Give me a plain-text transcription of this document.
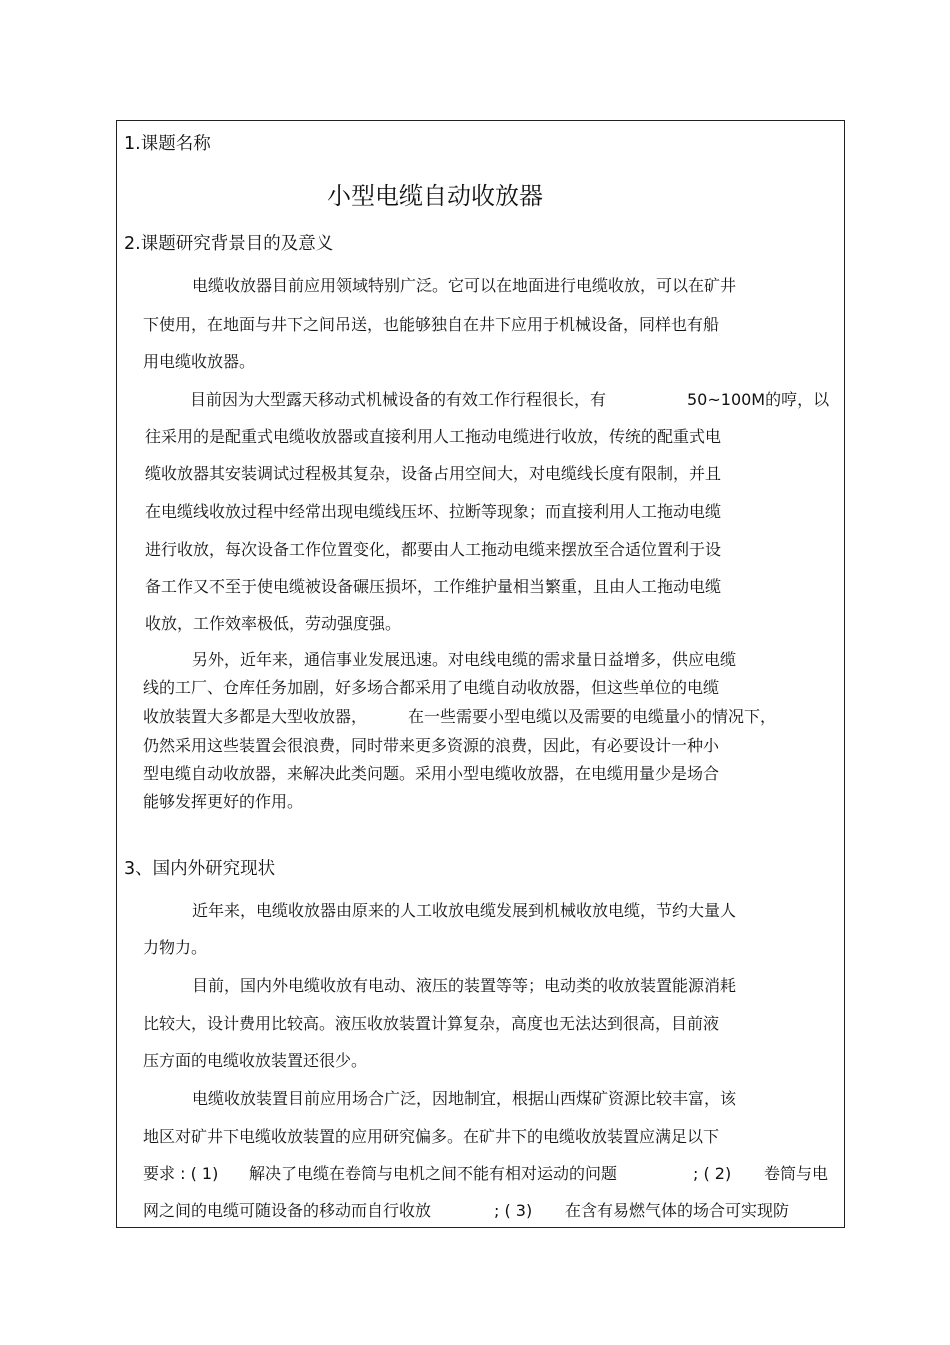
1.课题名称
小型电缆自动收放器
2.课题研究背景目的及意义
电缆收放器目前应用领域特别广泛。它可以在地面进行电缆收放，可以在矿井
下使用，在地面与井下之间吊送，也能够独自在井下应用于机械设备，同样也有船
用电缆收放器。
目前因为大型露天移动式机械设备的有效工作行程很长，有	50~100M的哼，以
往采用的是配重式电缆收放器或直接利用人工拖动电缆进行收放，传统的配重式电
缆收放器其安装调试过程极其复杂，设备占用空间大，对电缆线长度有限制，并且
在电缆线收放过程中经常出现电缆线压坏、拉断等现象；而直接利用人工拖动电缆
进行收放，每次设备工作位置变化，都要由人工拖动电缆来摆放至合适位置利于设
备工作又不至于使电缆被设备碾压损坏，工作维护量相当繁重，且由人工拖动电缆
收放，工作效率极低，劳动强度强。
另外，近年来，通信事业发展迅速。对电线电缆的需求量日益增多，供应电缆
线的工厂、仓库任务加剧，好多场合都采用了电缆自动收放器，但这些单位的电缆
收放装置大多都是大型收放器，	在一些需要小型电缆以及需要的电缆量小的情况下，
仍然采用这些装置会很浪费，同时带来更多资源的浪费，因此，有必要设计一种小
型电缆自动收放器，来解决此类问题。采用小型电缆收放器，在电缆用量少是场合
能够发挥更好的作用。
3、国内外研究现状
近年来，电缆收放器由原来的人工收放电缆发展到机械收放电缆，节约大量人
力物力。
目前，国内外电缆收放有电动、液压的装置等等；电动类的收放装置能源消耗
比较大，设计费用比较高。液压收放装置计算复杂，高度也无法达到很高，目前液
压方面的电缆收放装置还很少。
电缆收放装置目前应用场合广泛，因地制宜，根据山西煤矿资源比较丰富，该
地区对矿井下电缆收放装置的应用研究偏多。在矿井下的电缆收放装置应满足以下
要求 : ( 1) 解决了电缆在卷筒与电机之间不能有相对运动的问题	; ( 2) 卷筒与电
网之间的电缆可随设备的移动而自行收放	; ( 3) 在含有易燃气体的场合可实现防
